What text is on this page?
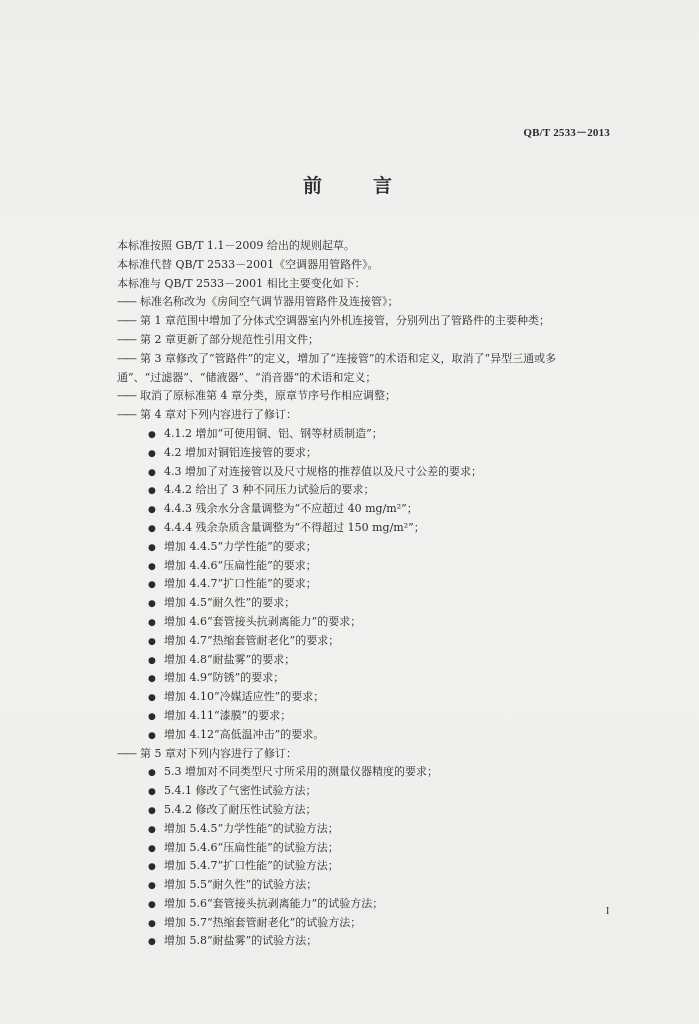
QB/T 2533－2013
前　言
本标准按照 GB/T 1.1－2009 给出的规则起草。
本标准代替 QB/T 2533－2001《空调器用管路件》。
本标准与 QB/T 2533－2001 相比主要变化如下：
——标准名称改为《房间空气调节器用管路件及连接管》；
——第 1 章范围中增加了分体式空调器室内外机连接管，分别列出了管路件的主要种类；
——第 2 章更新了部分规范性引用文件；
——第 3 章修改了“管路件”的定义，增加了“连接管”的术语和定义，取消了“异型三通或多
通”、“过滤器”、“储液器”、“消音器”的术语和定义；
——取消了原标准第 4 章分类，原章节序号作相应调整；
——第 4 章对下列内容进行了修订：
● 4.1.2 增加“可使用铜、铝、钢等材质制造”；
● 4.2 增加对铜铝连接管的要求；
● 4.3 增加了对连接管以及尺寸规格的推荐值以及尺寸公差的要求；
● 4.4.2 给出了 3 种不同压力试验后的要求；
● 4.4.3 残余水分含量调整为“不应超过 40 mg/m²”；
● 4.4.4 残余杂质含量调整为“不得超过 150 mg/m²”；
● 增加 4.4.5“力学性能”的要求；
● 增加 4.4.6“压扁性能”的要求；
● 增加 4.4.7“扩口性能”的要求；
● 增加 4.5“耐久性”的要求；
● 增加 4.6“套管接头抗剥离能力”的要求；
● 增加 4.7“热缩套管耐老化”的要求；
● 增加 4.8“耐盐雾”的要求；
● 增加 4.9“防锈”的要求；
● 增加 4.10“冷媒适应性”的要求；
● 增加 4.11“漆膜”的要求；
● 增加 4.12“高低温冲击”的要求。
——第 5 章对下列内容进行了修订：
● 5.3 增加对不同类型尺寸所采用的测量仪器精度的要求；
● 5.4.1 修改了气密性试验方法；
● 5.4.2 修改了耐压性试验方法；
● 增加 5.4.5“力学性能”的试验方法；
● 增加 5.4.6“压扁性能”的试验方法；
● 增加 5.4.7“扩口性能”的试验方法；
● 增加 5.5“耐久性”的试验方法；
● 增加 5.6“套管接头抗剥离能力”的试验方法；
● 增加 5.7“热缩套管耐老化”的试验方法；
● 增加 5.8“耐盐雾”的试验方法；
I
